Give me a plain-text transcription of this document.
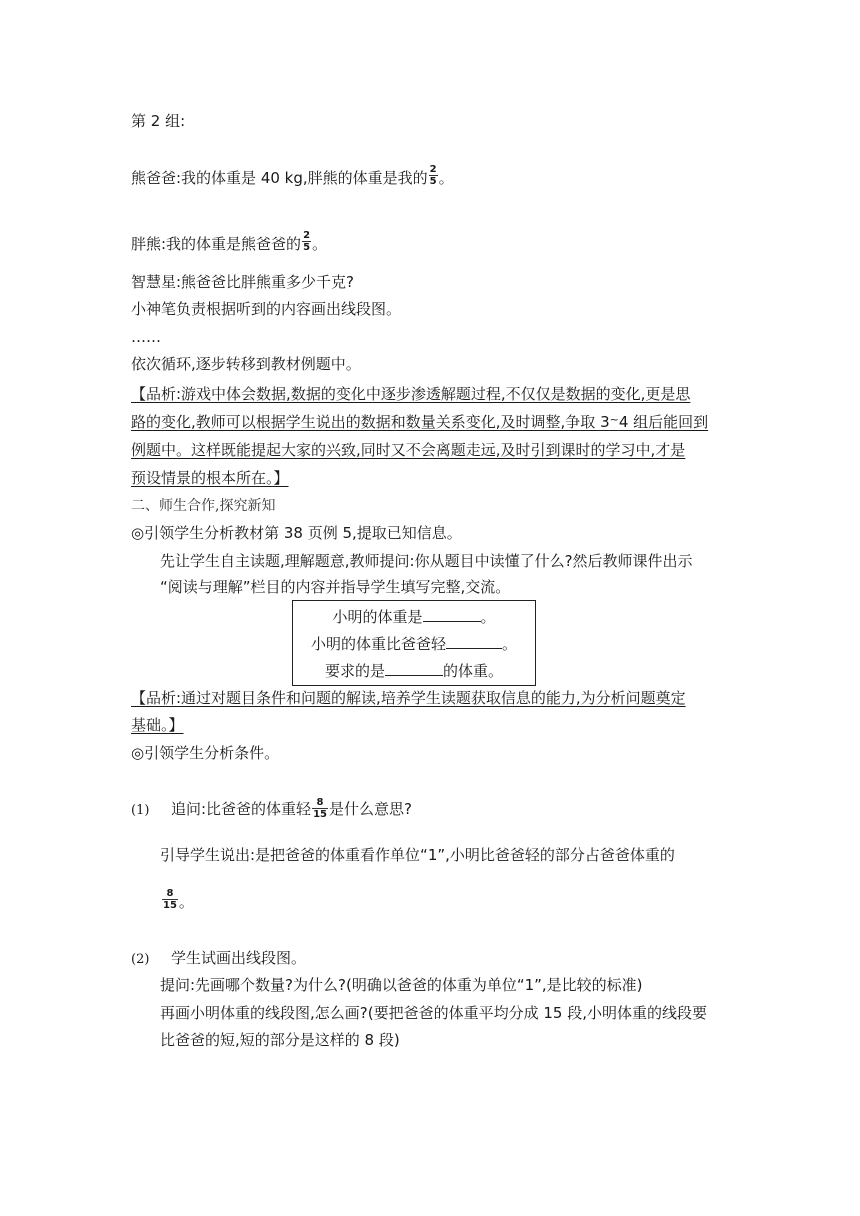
第 2 组:
熊爸爸:我的体重是 40 kg,胖熊的体重是我的 $\frac{2}{5}$ 。
胖熊:我的体重是熊爸爸的 $\frac{2}{5}$ 。
智慧星:熊爸爸比胖熊重多少千克?
小神笔负责根据听到的内容画出线段图。
……
依次循环,逐步转移到教材例题中。
【品析:游戏中体会数据,数据的变化中逐步渗透解题过程,不仅仅是数据的变化,更是思
路的变化,教师可以根据学生说出的数据和数量关系变化,及时调整,争取 3~4 组后能回到
例题中。这样既能提起大家的兴致,同时又不会离题走远,及时引到课时的学习中,才是
预设情景的根本所在。】
二、师生合作,探究新知
◎引领学生分析教材第 38 页例 5,提取已知信息。
先让学生自主读题,理解题意,教师提问:你从题目中读懂了什么?然后教师课件出示
“阅读与理解”栏目的内容并指导学生填写完整,交流。
小明的体重是	。
小明的体重比爸爸轻	。
要求的是	的体重。
【品析:通过对题目条件和问题的解读,培养学生读题获取信息的能力,为分析问题奠定
基础。】
◎引领学生分析条件。
(1) 追问:比爸爸的体重轻 $\frac{8}{15}$ 是什么意思?
引导学生说出:是把爸爸的体重看作单位“1”,小明比爸爸轻的部分占爸爸体重的
$\frac{8}{15}$ 。
(2) 学生试画出线段图。
提问:先画哪个数量?为什么?(明确以爸爸的体重为单位“1”,是比较的标准)
再画小明体重的线段图,怎么画?(要把爸爸的体重平均分成 15 段,小明体重的线段要
比爸爸的短,短的部分是这样的 8 段)
